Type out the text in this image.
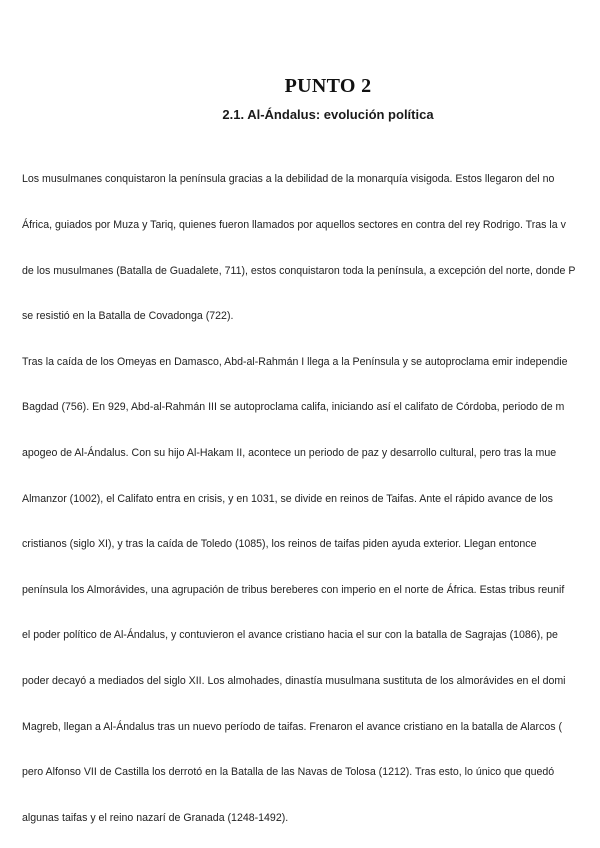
PUNTO 2
2.1. Al-Ándalus: evolución política

Los musulmanes conquistaron la península gracias a la debilidad de la monarquía visigoda. Estos llegaron del no

África, guiados por Muza y Tariq, quienes fueron llamados por aquellos sectores en contra del rey Rodrigo. Tras la v

de los musulmanes (Batalla de Guadalete, 711), estos conquistaron toda la península, a excepción del norte, donde P

se resistió en la Batalla de Covadonga (722).

Tras la caída de los Omeyas en Damasco, Abd-al-Rahmán I llega a la Península y se autoproclama emir independie

Bagdad (756). En 929, Abd-al-Rahmán III se autoproclama califa, iniciando así el califato de Córdoba, periodo de m

apogeo de Al-Ándalus. Con su hijo Al-Hakam II, acontece un periodo de paz y desarrollo cultural, pero tras la mue

Almanzor (1002), el Califato entra en crisis, y en 1031, se divide en reinos de Taifas. Ante el rápido avance de los

cristianos (siglo XI), y tras la caída de Toledo (1085), los reinos de taifas piden ayuda exterior. Llegan entonce

península los Almorávides, una agrupación de tribus bereberes con imperio en el norte de África. Estas tribus reunif

el poder político de Al-Ándalus, y contuvieron el avance cristiano hacia el sur con la batalla de Sagrajas (1086), pe

poder decayó a mediados del siglo XII. Los almohades, dinastía musulmana sustituta de los almorávides en el domi

Magreb, llegan a Al-Ándalus tras un nuevo período de taifas. Frenaron el avance cristiano en la batalla de Alarcos (

pero Alfonso VII de Castilla los derrotó en la Batalla de las Navas de Tolosa (1212). Tras esto, lo único que quedó

algunas taifas y el reino nazarí de Granada (1248-1492).
